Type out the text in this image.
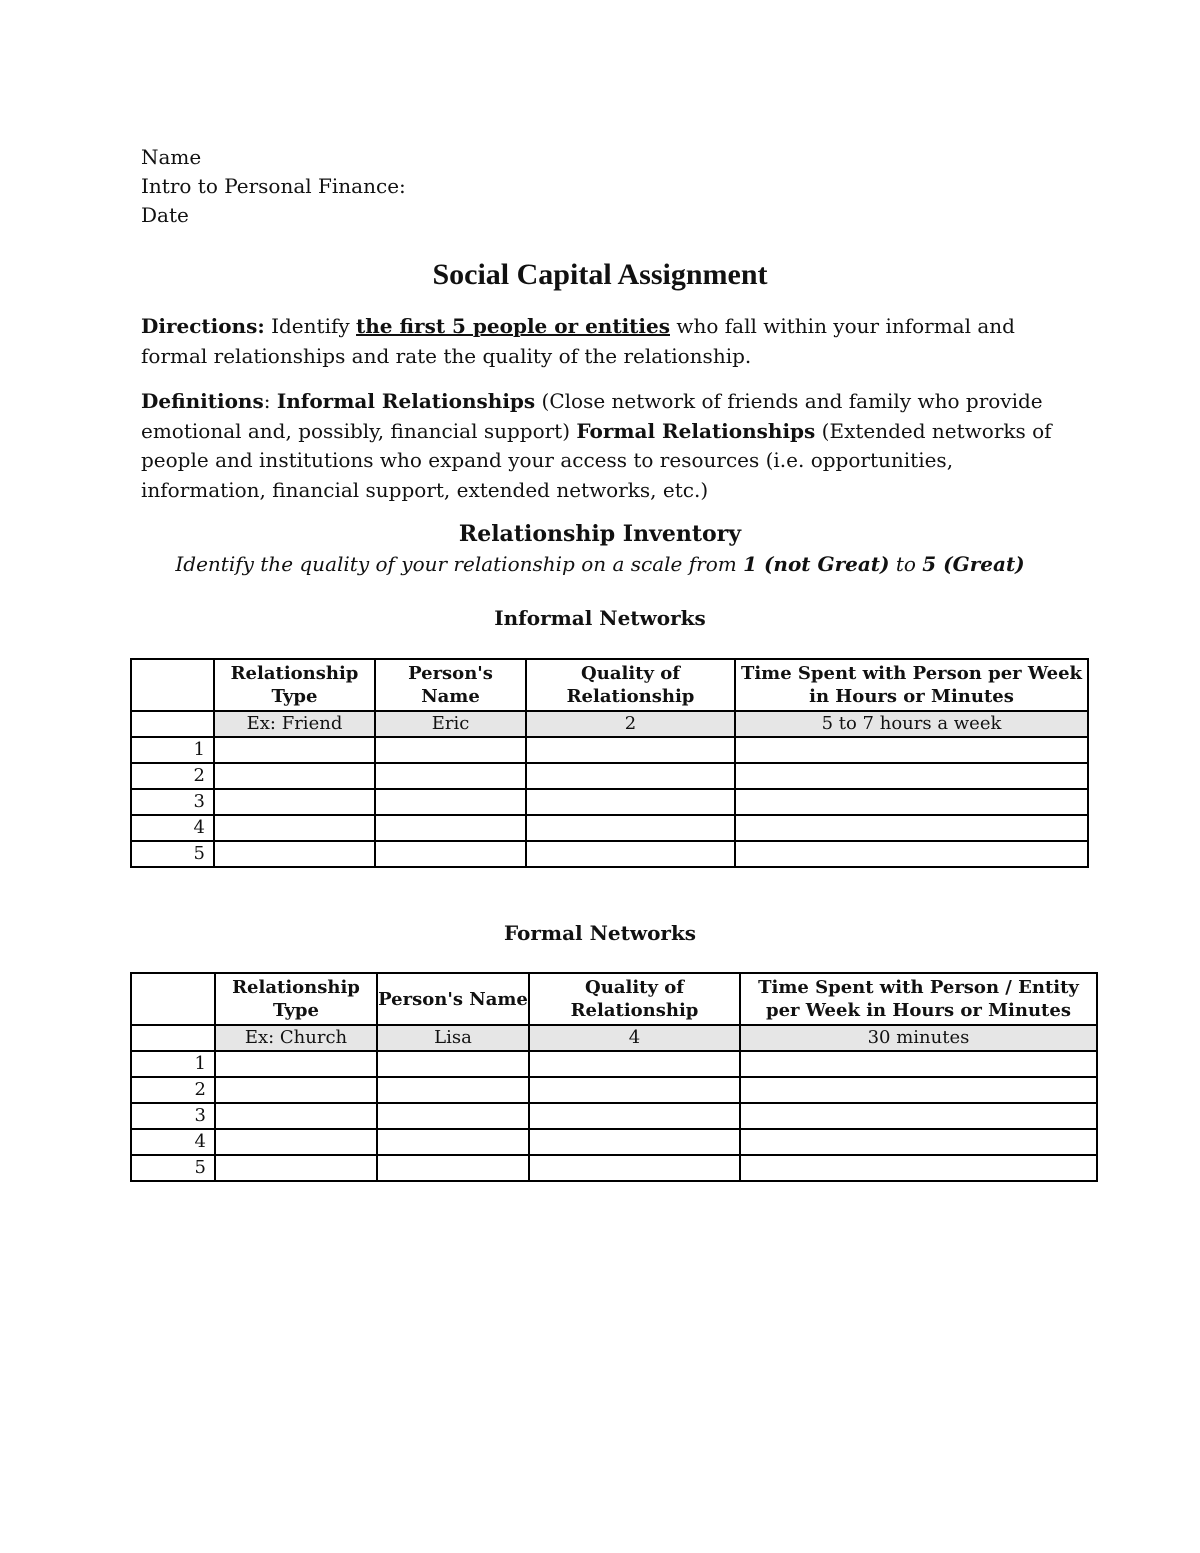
Name
Intro to Personal Finance:
Date
Social Capital Assignment
Directions: Identify the first 5 people or entities who fall within your informal and formal relationships and rate the quality of the relationship.
Definitions: Informal Relationships (Close network of friends and family who provide emotional and, possibly, financial support) Formal Relationships (Extended networks of people and institutions who expand your access to resources (i.e. opportunities, information, financial support, extended networks, etc.)
Relationship Inventory
Identify the quality of your relationship on a scale from 1 (not Great) to 5 (Great)
Informal Networks
	Relationship Type	Person's Name	Quality of Relationship	Time Spent with Person per Week in Hours or Minutes
	Ex: Friend	Eric	2	5 to 7 hours a week
1				
2				
3				
4				
5				
Formal Networks
	Relationship Type	Person's Name	Quality of Relationship	Time Spent with Person / Entity per Week in Hours or Minutes
	Ex: Church	Lisa	4	30 minutes
1				
2				
3				
4				
5				
